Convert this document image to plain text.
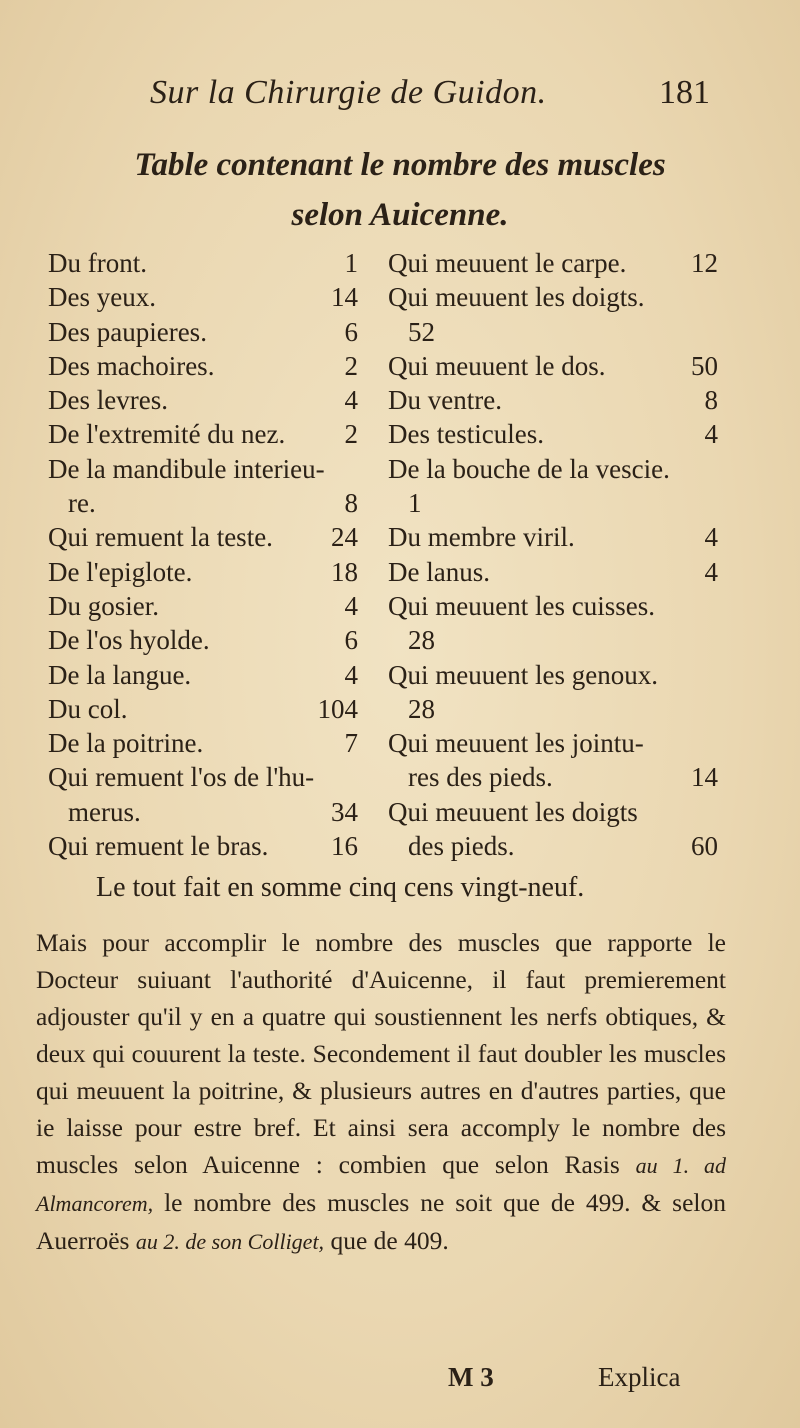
Sur la Chirurgie de Guidon.	181
Table contenant le nombre des muscles
selon Auicenne.
Du front.	1
Des yeux.	14
Des paupieres.	6
Des machoires.	2
Des levres.	4
De l'extremité du nez. 2
De la mandibule interieu-
re.	8
Qui remuent la teste. 24
De l'epiglote.	18
Du gosier.	4
De l'os hyolde.	6
De la langue.	4
Du col.	104
De la poitrine.	7
Qui remuent l'os de l'hu-
merus.	34
Qui remuent le bras. 16
Qui meuuent le carpe. 12
Qui meuuent les doigts.
52
Qui meuuent le dos.	50
Du ventre.	8
Des testicules.	4
De la bouche de la vescie.
1
Du membre viril.	4
De lanus.	4
Qui meuuent les cuisses.
28
Qui meuuent les genoux.
28
Qui meuuent les jointu-
res des pieds.	14
Qui meuuent les doigts
des pieds.	60
Le tout fait en somme cinq cens vingt-neuf.

Mais pour accomplir le nombre des muscles que rapporte le Docteur suiuant l'authorité d'Auicenne, il faut premierement adjouster qu'il y en a quatre qui soustiennent les nerfs obtiques, & deux qui couurent la teste. Secondement il faut doubler les muscles qui meuuent la poitrine, & plusieurs autres en d'autres parties, que ie laisse pour estre bref. Et ainsi sera accomply le nombre des muscles selon Auicenne : combien que selon Rasis au 1. ad Almancorem, le nombre des muscles ne soit que de 499. & selon Auerroës au 2. de son Colliget, que de 409.

M 3	Explica
